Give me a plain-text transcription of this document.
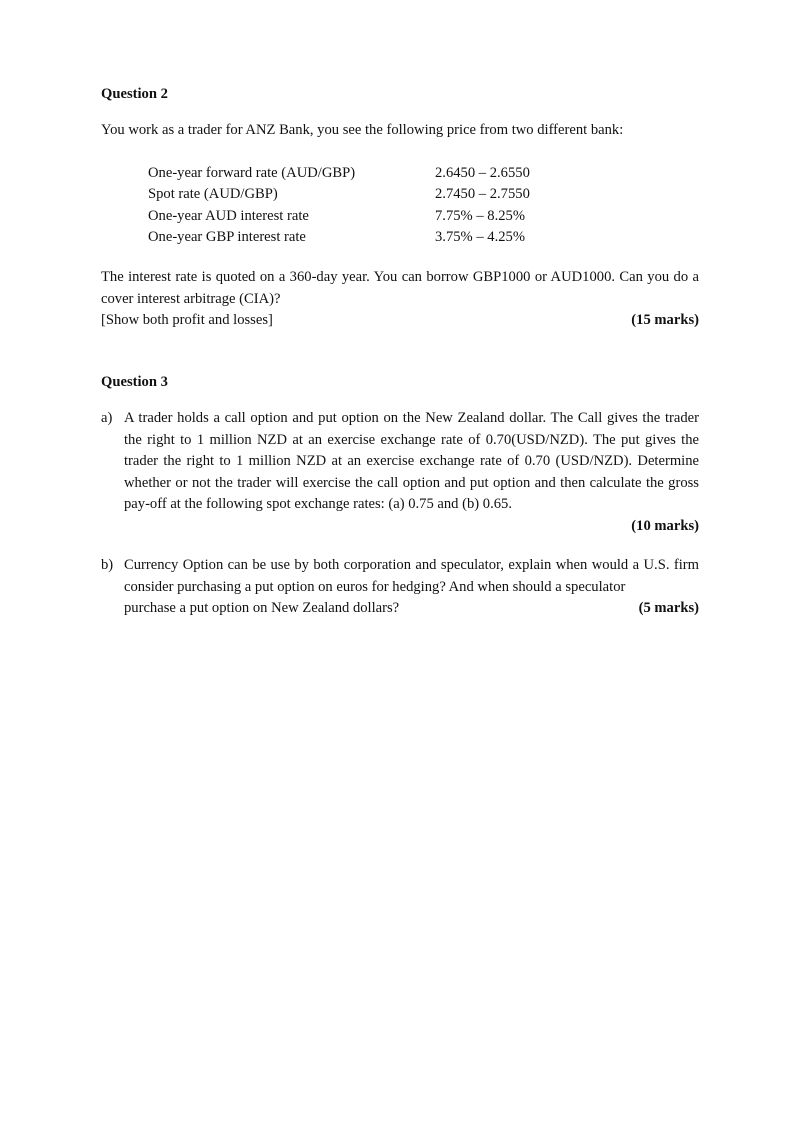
Question 2
You work as a trader for ANZ Bank, you see the following price from two different bank:
One-year forward rate (AUD/GBP)	2.6450 – 2.6550
Spot rate (AUD/GBP)	2.7450 – 2.7550
One-year AUD interest rate	7.75% – 8.25%
One-year GBP interest rate	3.75% – 4.25%
The interest rate is quoted on a 360-day year. You can borrow GBP1000 or AUD1000. Can you do a cover interest arbitrage (CIA)?
[Show both profit and losses]	(15 marks)
Question 3
a) A trader holds a call option and put option on the New Zealand dollar. The Call gives the trader the right to 1 million NZD at an exercise exchange rate of 0.70(USD/NZD). The put gives the trader the right to 1 million NZD at an exercise exchange rate of 0.70 (USD/NZD). Determine whether or not the trader will exercise the call option and put option and then calculate the gross pay-off at the following spot exchange rates: (a) 0.75 and (b) 0.65.
(10 marks)
b) Currency Option can be use by both corporation and speculator, explain when would a U.S. firm consider purchasing a put option on euros for hedging? And when should a speculator
purchase a put option on New Zealand dollars?	(5 marks)
